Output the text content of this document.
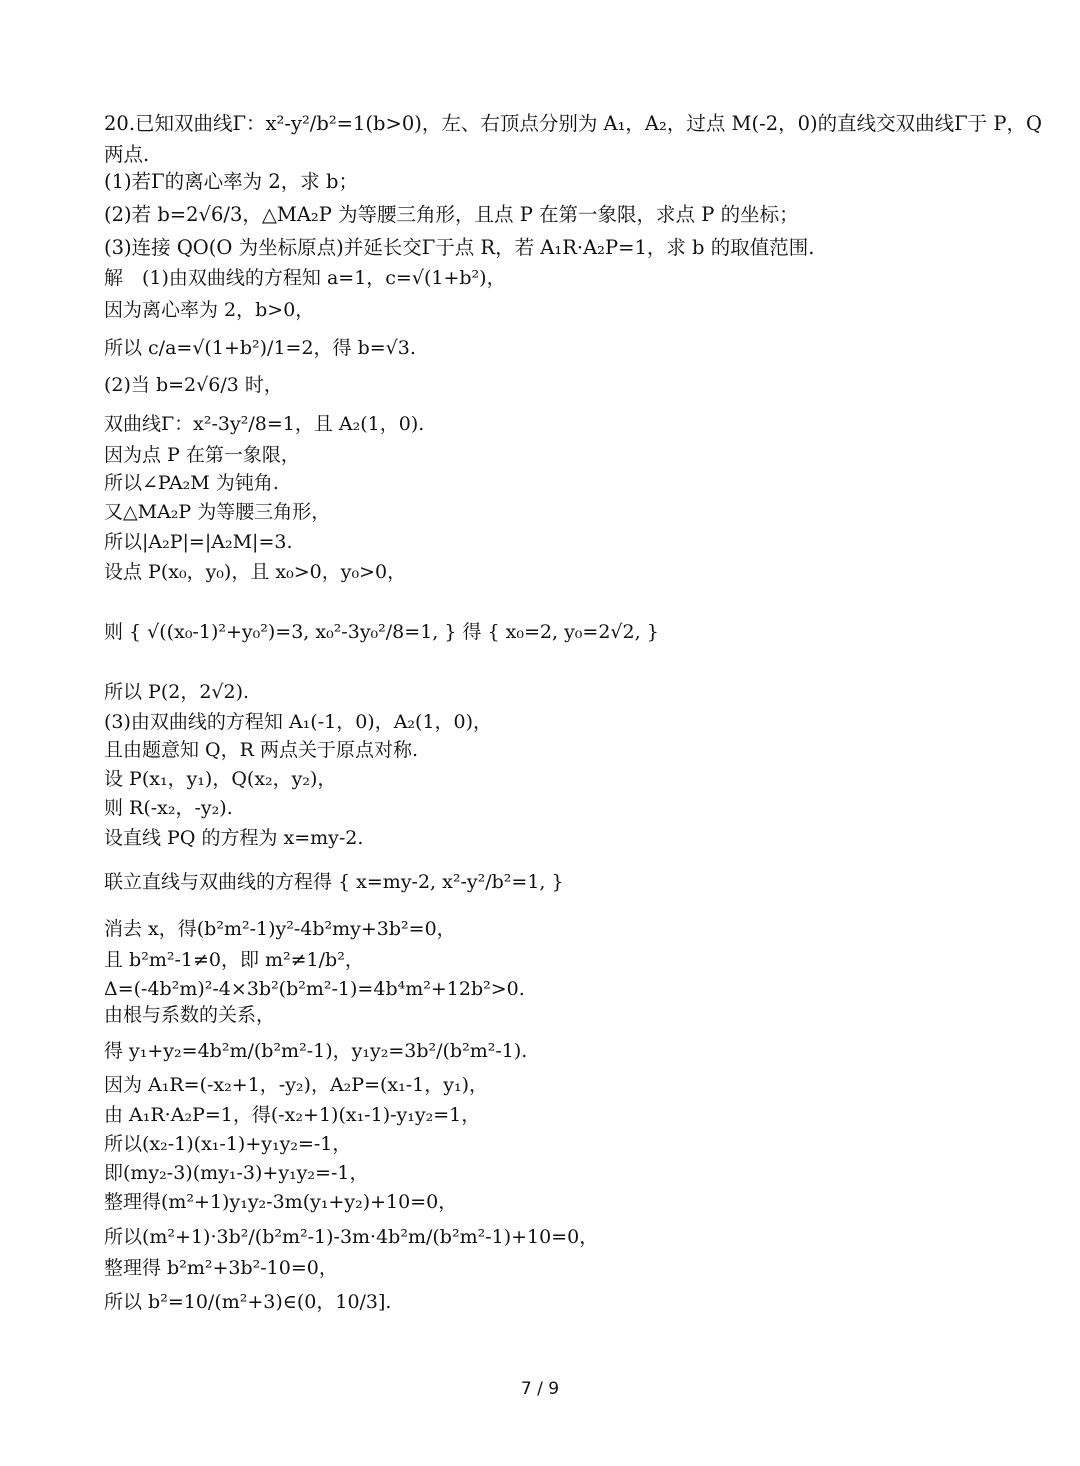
20.已知双曲线Γ：x²-y²/b²=1(b>0)，左、右顶点分别为 A₁，A₂，过点 M(-2，0)的直线交双曲线Γ于 P，Q
两点.
(1)若Γ的离心率为 2，求 b；
(2)若 b=2√6/3，△MA₂P 为等腰三角形，且点 P 在第一象限，求点 P 的坐标；
(3)连接 QO(O 为坐标原点)并延长交Γ于点 R，若 A₁R·A₂P=1，求 b 的取值范围.
解　(1)由双曲线的方程知 a=1，c=√(1+b²)，
因为离心率为 2，b>0，
所以 c/a=√(1+b²)/1=2，得 b=√3.
(2)当 b=2√6/3 时，
双曲线Γ：x²-3y²/8=1，且 A₂(1，0).
因为点 P 在第一象限，
所以∠PA₂M 为钝角.
又△MA₂P 为等腰三角形，
所以|A₂P|=|A₂M|=3.
设点 P(x₀，y₀)，且 x₀>0，y₀>0，
则 { √((x₀-1)²+y₀²)=3, x₀²-3y₀²/8=1, } 得 { x₀=2, y₀=2√2, }
所以 P(2，2√2).
(3)由双曲线的方程知 A₁(-1，0)，A₂(1，0)，
且由题意知 Q，R 两点关于原点对称.
设 P(x₁，y₁)，Q(x₂，y₂)，
则 R(-x₂，-y₂).
设直线 PQ 的方程为 x=my-2.
联立直线与双曲线的方程得 { x=my-2, x²-y²/b²=1, }
消去 x，得(b²m²-1)y²-4b²my+3b²=0，
且 b²m²-1≠0，即 m²≠1/b²，
Δ=(-4b²m)²-4×3b²(b²m²-1)=4b⁴m²+12b²>0.
由根与系数的关系，
得 y₁+y₂=4b²m/(b²m²-1)，y₁y₂=3b²/(b²m²-1).
因为 A₁R=(-x₂+1，-y₂)，A₂P=(x₁-1，y₁)，
由 A₁R·A₂P=1，得(-x₂+1)(x₁-1)-y₁y₂=1，
所以(x₂-1)(x₁-1)+y₁y₂=-1，
即(my₂-3)(my₁-3)+y₁y₂=-1，
整理得(m²+1)y₁y₂-3m(y₁+y₂)+10=0，
所以(m²+1)·3b²/(b²m²-1)-3m·4b²m/(b²m²-1)+10=0，
整理得 b²m²+3b²-10=0，
所以 b²=10/(m²+3)∈(0，10/3].
7 / 9
